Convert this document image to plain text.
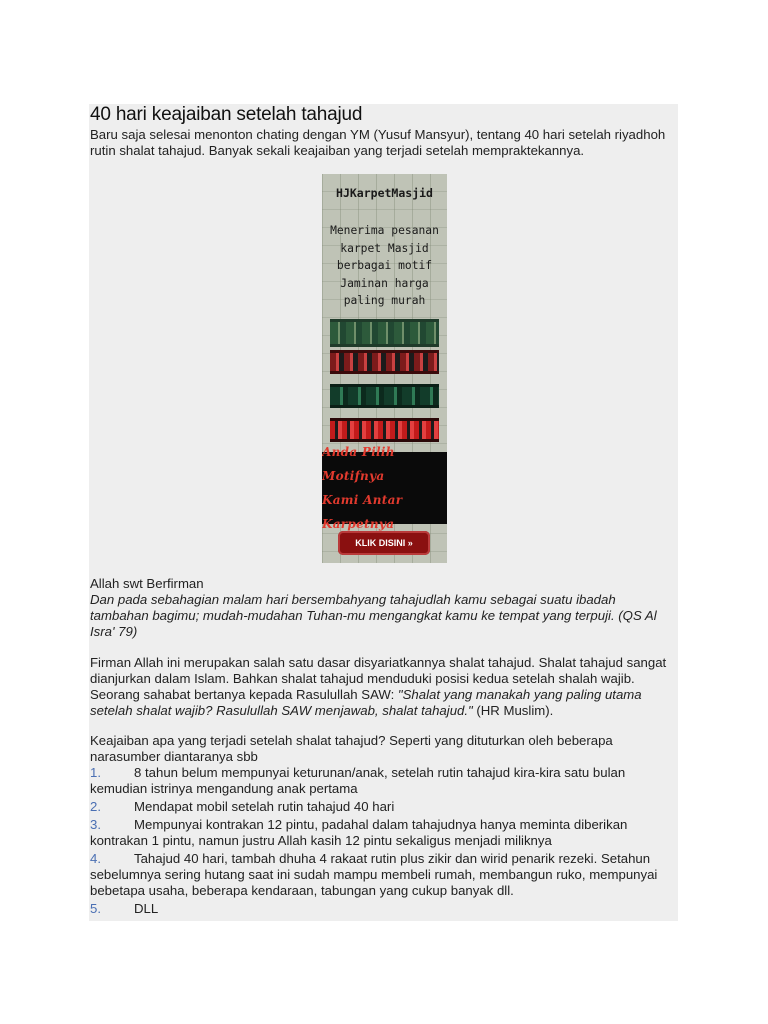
40 hari keajaiban setelah tahajud

Baru saja selesai menonton chating dengan YM (Yusuf Mansyur), tentang 40 hari setelah riyadhoh rutin shalat tahajud. Banyak sekali keajaiban yang terjadi setelah mempraktekannya.

HJKarpetMasjid
Menerima pesanan
karpet Masjid
berbagai motif
Jaminan harga
paling murah
Anda Pilih Motifnya
Kami Antar Karpetnya
KLIK DISINI »

Allah swt Berfirman

Dan pada sebahagian malam hari bersembahyang tahajudlah kamu sebagai suatu ibadah tambahan bagimu; mudah-mudahan Tuhan-mu mengangkat kamu ke tempat yang terpuji. (QS Al Isra' 79)

Firman Allah ini merupakan salah satu dasar disyariatkannya shalat tahajud. Shalat tahajud sangat dianjurkan dalam Islam. Bahkan shalat tahajud menduduki posisi kedua setelah shalah wajib. Seorang sahabat bertanya kepada Rasulullah SAW: "Shalat yang manakah yang paling utama setelah shalat wajib? Rasulullah SAW menjawab, shalat tahajud." (HR Muslim).

Keajaiban apa yang terjadi setelah shalat tahajud? Seperti yang dituturkan oleh beberapa narasumber diantaranya sbb

1.	8 tahun belum mempunyai keturunan/anak, setelah rutin tahajud kira-kira satu bulan kemudian istrinya mengandung anak pertama
2.	Mendapat mobil setelah rutin tahajud 40 hari
3.	Mempunyai kontrakan 12 pintu, padahal dalam tahajudnya hanya meminta diberikan kontrakan 1 pintu, namun justru Allah kasih 12 pintu sekaligus menjadi miliknya
4.	Tahajud 40 hari, tambah dhuha 4 rakaat rutin plus zikir dan wirid penarik rezeki. Setahun sebelumnya sering hutang saat ini sudah mampu membeli rumah, membangun ruko, mempunyai bebetapa usaha, beberapa kendaraan, tabungan yang cukup banyak dll.
5.	DLL
